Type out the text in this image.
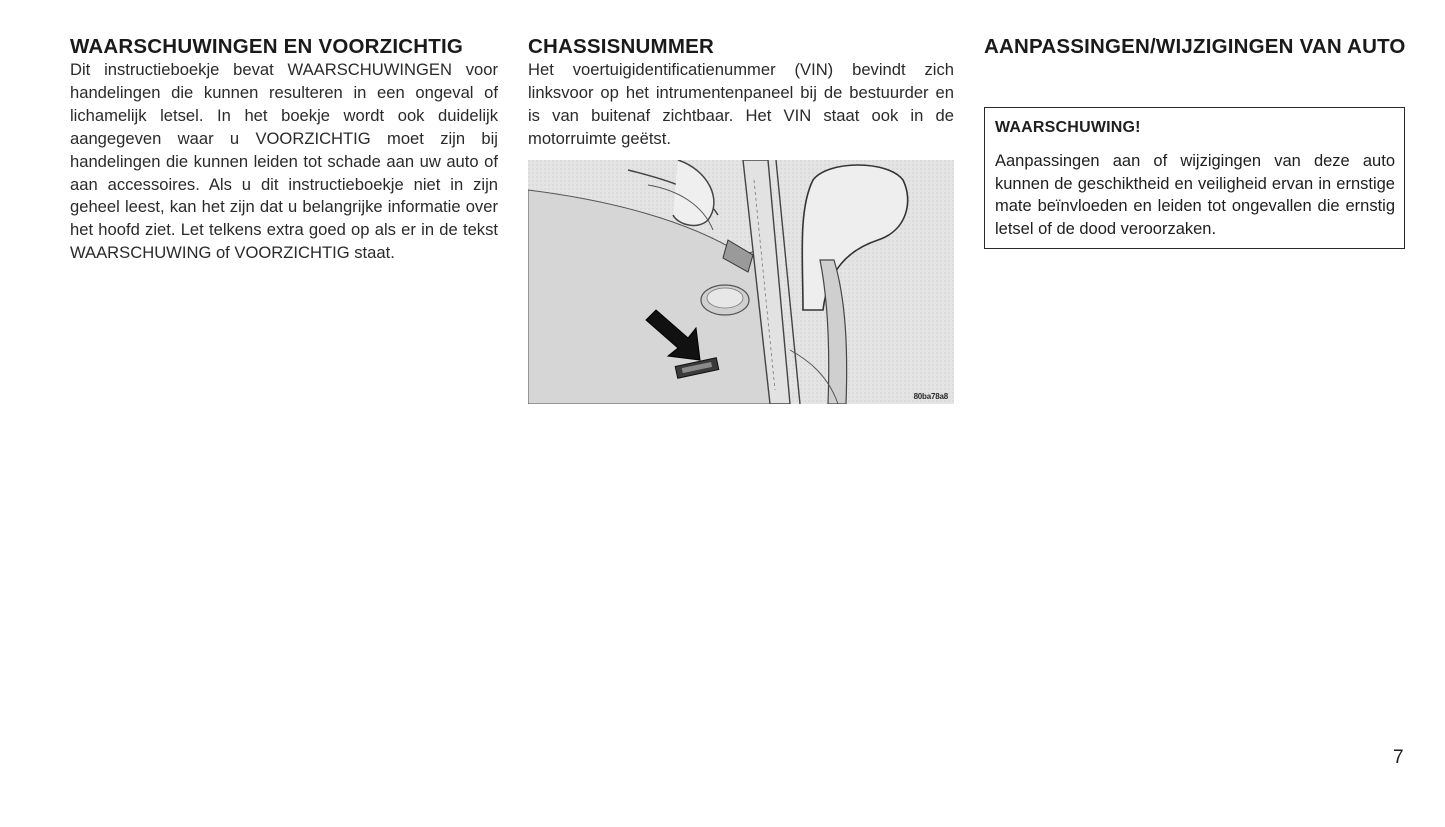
WAARSCHUWINGEN EN VOORZICHTIG

Dit instructieboekje bevat WAARSCHUWINGEN voor handelingen die kunnen resulteren in een ongeval of lichamelijk letsel. In het boekje wordt ook duidelijk aangegeven waar u VOORZICHTIG moet zijn bij handelingen die kunnen leiden tot schade aan uw auto of aan accessoires. Als u dit instructieboekje niet in zijn geheel leest, kan het zijn dat u belangrijke informatie over het hoofd ziet. Let telkens extra goed op als er in de tekst WAARSCHUWING of VOORZICHTIG staat.

CHASSISNUMMER

Het voertuigidentificatienummer (VIN) bevindt zich linksvoor op het intrumentenpaneel bij de bestuurder en is van buitenaf zichtbaar. Het VIN staat ook in de motorruimte geëtst.

80ba78a8
AANPASSINGEN/WIJZIGINGEN VAN AUTO
WAARSCHUWING!

Aanpassingen aan of wijzigingen van deze auto kunnen de geschiktheid en veiligheid ervan in ernstige mate beïnvloeden en leiden tot ongevallen die ernstig letsel of de dood veroorzaken.

7
